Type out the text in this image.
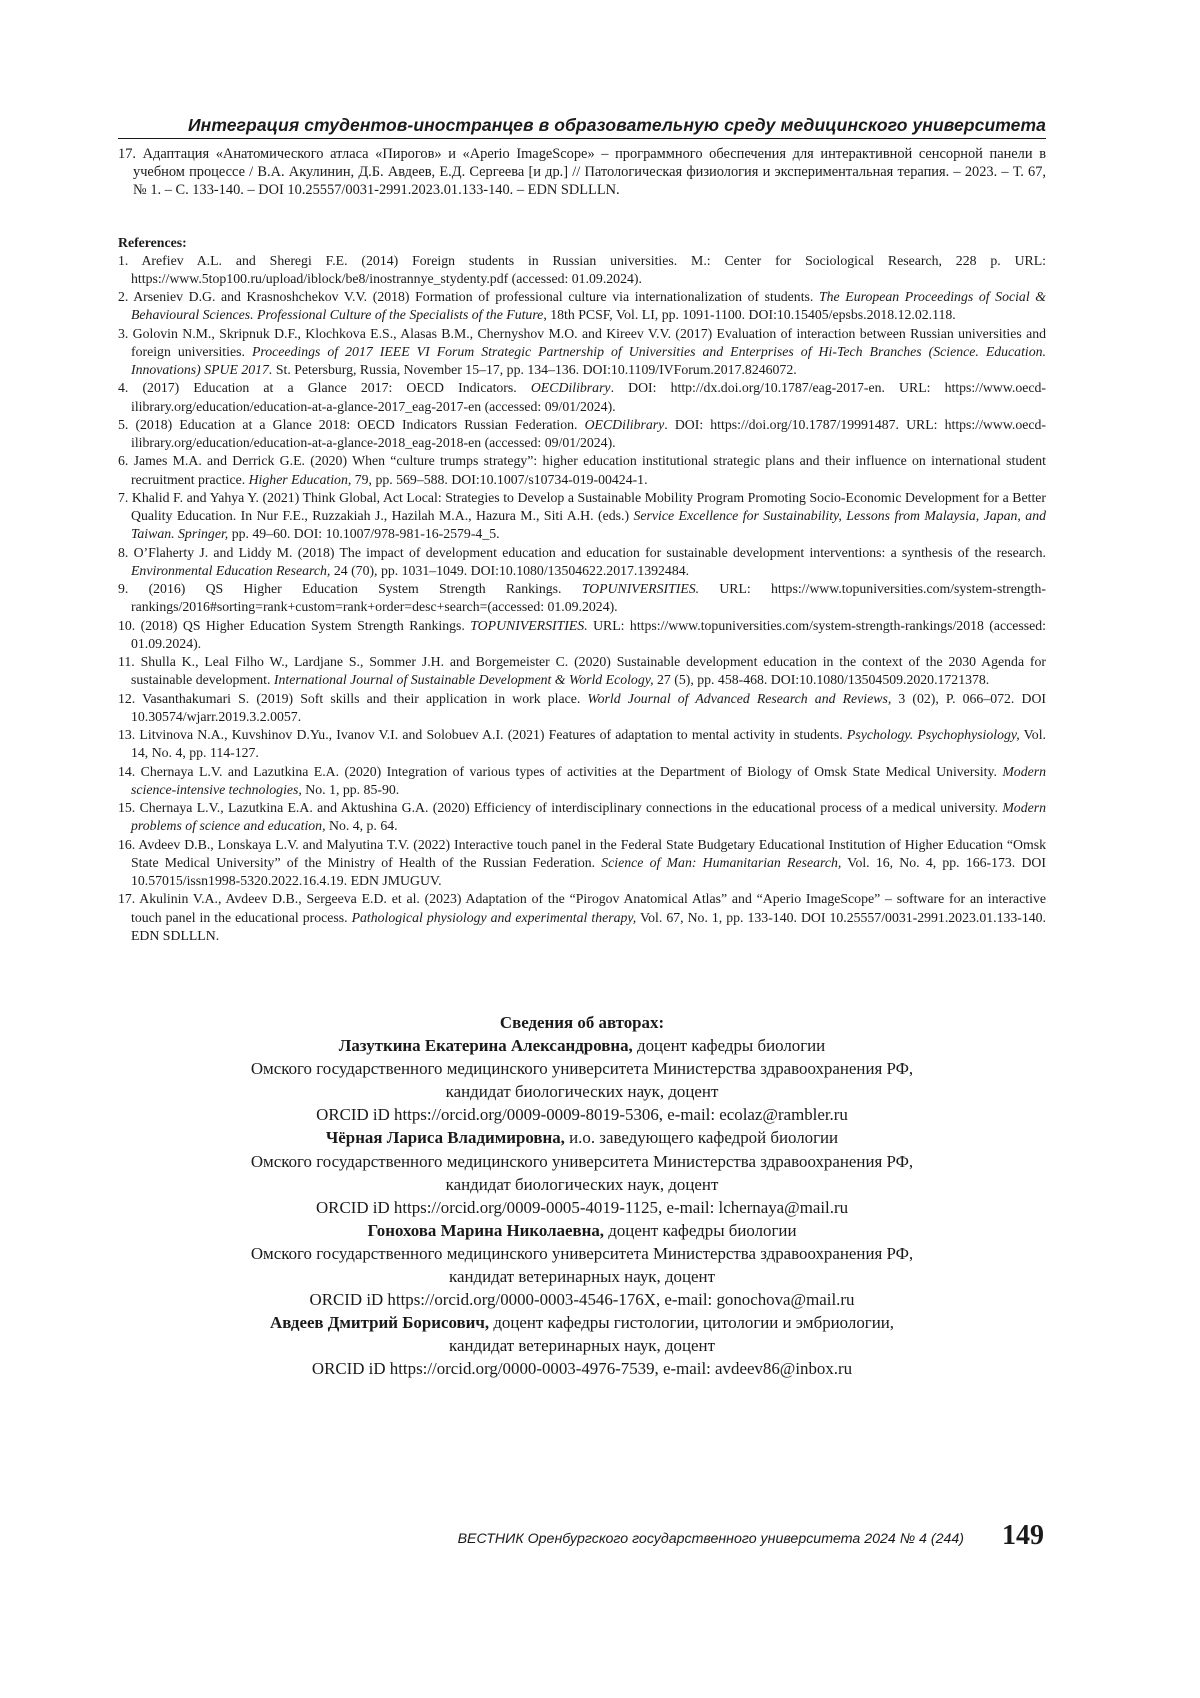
Интеграция студентов-иностранцев в образовательную среду медицинского университета

17. Адаптация «Анатомического атласа «Пирогов» и «Aperio ImageScope» – программного обеспечения для интерактивной сенсорной панели в учебном процессе / В.А. Акулинин, Д.Б. Авдеев, Е.Д. Сергеева [и др.] // Патологическая физиология и экспериментальная терапия. – 2023. – Т. 67, № 1. – С. 133-140. – DOI 10.25557/0031-2991.2023.01.133-140. – EDN SDLLLN.

References:
1. Arefiev A.L. and Sheregi F.E. (2014) Foreign students in Russian universities. M.: Center for Sociological Research, 228 p. URL: https://www.5top100.ru/upload/iblock/be8/inostrannye_stydenty.pdf (accessed: 01.09.2024).
2. Arseniev D.G. and Krasnoshchekov V.V. (2018) Formation of professional culture via internationalization of students. The European Proceedings of Social & Behavioural Sciences. Professional Culture of the Specialists of the Future, 18th PCSF, Vol. LI, pp. 1091-1100. DOI:10.15405/epsbs.2018.12.02.118.
3. Golovin N.M., Skripnuk D.F., Klochkova E.S., Alasas B.M., Chernyshov M.O. and Kireev V.V. (2017) Evaluation of interaction between Russian universities and foreign universities. Proceedings of 2017 IEEE VI Forum Strategic Partnership of Universities and Enterprises of Hi-Tech Branches (Science. Education. Innovations) SPUE 2017. St. Petersburg, Russia, November 15–17, pp. 134–136. DOI:10.1109/IVForum.2017.8246072.
4. (2017) Education at a Glance 2017: OECD Indicators. OECDilibrary. DOI: http://dx.doi.org/10.1787/eag-2017-en. URL: https://www.oecd-ilibrary.org/education/education-at-a-glance-2017_eag-2017-en (accessed: 09/01/2024).
5. (2018) Education at a Glance 2018: OECD Indicators Russian Federation. OECDilibrary. DOI: https://doi.org/10.1787/19991487. URL: https://www.oecd-ilibrary.org/education/education-at-a-glance-2018_eag-2018-en (accessed: 09/01/2024).
6. James M.A. and Derrick G.E. (2020) When “culture trumps strategy”: higher education institutional strategic plans and their influence on international student recruitment practice. Higher Education, 79, pp. 569–588. DOI:10.1007/s10734-019-00424-1.
7. Khalid F. and Yahya Y. (2021) Think Global, Act Local: Strategies to Develop a Sustainable Mobility Program Promoting Socio-Economic Development for a Better Quality Education. In Nur F.E., Ruzzakiah J., Hazilah M.A., Hazura M., Siti A.H. (eds.) Service Excellence for Sustainability, Lessons from Malaysia, Japan, and Taiwan. Springer, pp. 49–60. DOI: 10.1007/978-981-16-2579-4_5.
8. O’Flaherty J. and Liddy M. (2018) The impact of development education and education for sustainable development interventions: a synthesis of the research. Environmental Education Research, 24 (70), pp. 1031–1049. DOI:10.1080/13504622.2017.1392484.
9. (2016) QS Higher Education System Strength Rankings. TOPUNIVERSITIES. URL: https://www.topuniversities.com/system-strength-rankings/2016#sorting=rank+custom=rank+order=desc+search=(accessed: 01.09.2024).
10. (2018) QS Higher Education System Strength Rankings. TOPUNIVERSITIES. URL: https://www.topuniversities.com/system-strength-rankings/2018 (accessed: 01.09.2024).
11. Shulla K., Leal Filho W., Lardjane S., Sommer J.H. and Borgemeister C. (2020) Sustainable development education in the context of the 2030 Agenda for sustainable development. International Journal of Sustainable Development & World Ecology, 27 (5), pp. 458-468. DOI:10.1080/13504509.2020.1721378.
12. Vasanthakumari S. (2019) Soft skills and their application in work place. World Journal of Advanced Research and Reviews, 3 (02), P. 066–072. DOI 10.30574/wjarr.2019.3.2.0057.
13. Litvinova N.A., Kuvshinov D.Yu., Ivanov V.I. and Solobuev A.I. (2021) Features of adaptation to mental activity in students. Psychology. Psychophysiology, Vol. 14, No. 4, pp. 114-127.
14. Chernaya L.V. and Lazutkina E.A. (2020) Integration of various types of activities at the Department of Biology of Omsk State Medical University. Modern science-intensive technologies, No. 1, pp. 85-90.
15. Chernaya L.V., Lazutkina E.A. and Aktushina G.A. (2020) Efficiency of interdisciplinary connections in the educational process of a medical university. Modern problems of science and education, No. 4, p. 64.
16. Avdeev D.B., Lonskaya L.V. and Malyutina T.V. (2022) Interactive touch panel in the Federal State Budgetary Educational Institution of Higher Education “Omsk State Medical University” of the Ministry of Health of the Russian Federation. Science of Man: Humanitarian Research, Vol. 16, No. 4, pp. 166-173. DOI 10.57015/issn1998-5320.2022.16.4.19. EDN JMUGUV.
17. Akulinin V.A., Avdeev D.B., Sergeeva E.D. et al. (2023) Adaptation of the “Pirogov Anatomical Atlas” and “Aperio ImageScope” – software for an interactive touch panel in the educational process. Pathological physiology and experimental therapy, Vol. 67, No. 1, pp. 133-140. DOI 10.25557/0031-2991.2023.01.133-140. EDN SDLLLN.

Сведения об авторах:

Лазуткина Екатерина Александровна, доцент кафедры биологии

Омского государственного медицинского университета Министерства здравоохранения РФ,

кандидат биологических наук, доцент

ORCID iD https://orcid.org/0009-0009-8019-5306, e-mail: ecolaz@rambler.ru

Чёрная Лариса Владимировна, и.о. заведующего кафедрой биологии

Омского государственного медицинского университета Министерства здравоохранения РФ,

кандидат биологических наук, доцент

ORCID iD https://orcid.org/0009-0005-4019-1125, e-mail: lchernaya@mail.ru

Гонохова Марина Николаевна, доцент кафедры биологии

Омского государственного медицинского университета Министерства здравоохранения РФ,

кандидат ветеринарных наук, доцент

ORCID iD https://orcid.org/0000-0003-4546-176X, e-mail: gonochova@mail.ru

Авдеев Дмитрий Борисович, доцент кафедры гистологии, цитологии и эмбриологии,

кандидат ветеринарных наук, доцент

ORCID iD https://orcid.org/0000-0003-4976-7539, e-mail: avdeev86@inbox.ru

ВЕСТНИК Оренбургского государственного университета 2024 № 4 (244) 149
